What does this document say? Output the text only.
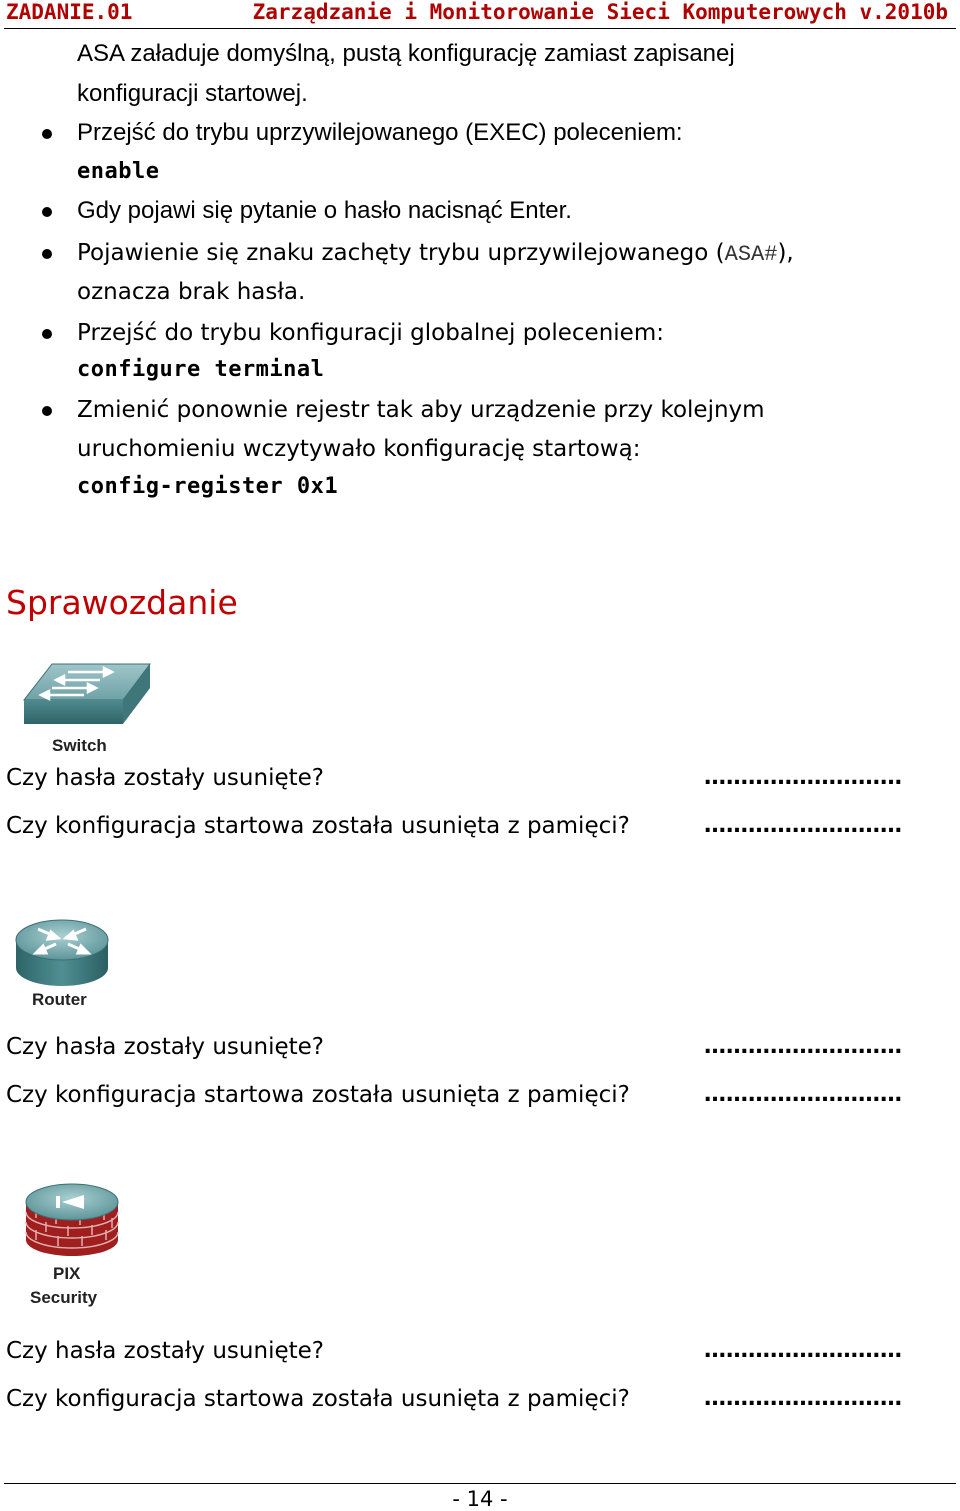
ZADANIE.01	Zarządzanie i Monitorowanie Sieci Komputerowych v.2010b
ASA załaduje domyślną, pustą konfigurację zamiast zapisanej
konfiguracji startowej.
Przejść do trybu uprzywilejowanego (EXEC) poleceniem:
enable
Gdy pojawi się pytanie o hasło nacisnąć Enter.
Pojawienie się znaku zachęty trybu uprzywilejowanego (ASA#),
oznacza brak hasła.
Przejść do trybu konfiguracji globalnej poleceniem:
configure terminal
Zmienić ponownie rejestr tak aby urządzenie przy kolejnym
uruchomieniu wczytywało konfigurację startową:
config-register 0x1
Sprawozdanie
Switch
Czy hasła zostały usunięte?	………………………
Czy konfiguracja startowa została usunięta z pamięci?	………………………
Router
Czy hasła zostały usunięte?	………………………
Czy konfiguracja startowa została usunięta z pamięci?	………………………
PIX
Security
Czy hasła zostały usunięte?	………………………
Czy konfiguracja startowa została usunięta z pamięci?	………………………
- 14 -
